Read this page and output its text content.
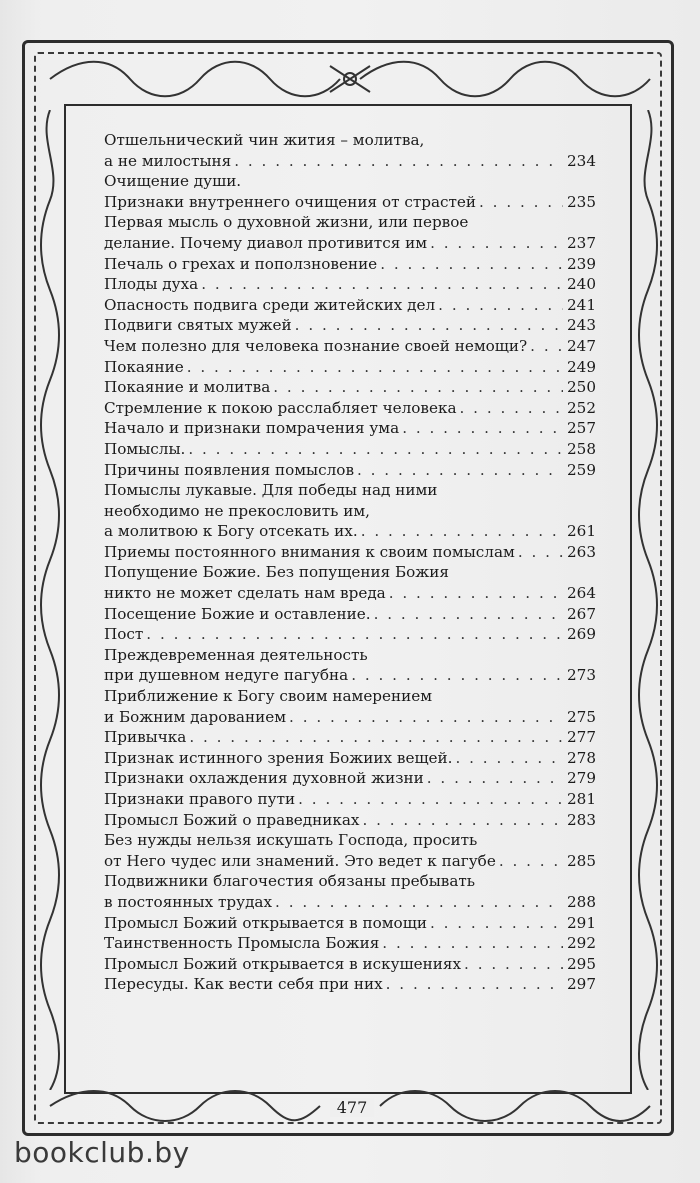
Отшельнический чин жития – молитва,
а не милостыня . . .	234
Очищение души.
Признаки внутреннего очищения от страстей . . .	235
Первая мысль о духовной жизни, или первое
делание. Почему диавол противится им . . .	237
Печаль о грехах и поползновение . . .	239
Плоды духа . . .	240
Опасность подвига среди житейских дел . . .	241
Подвиги святых мужей . . .	243
Чем полезно для человека познание своей немощи? . . .	247
Покаяние . . .	249
Покаяние и молитва . . .	250
Стремление к покою расслабляет человека . . .	252
Начало и признаки помрачения ума . . .	257
Помыслы. . . .	258
Причины появления помыслов . . .	259
Помыслы лукавые. Для победы над ними
необходимо не прекословить им,
а молитвою к Богу отсекать их. . . .	261
Приемы постоянного внимания к своим помыслам . . .	263
Попущение Божие. Без попущения Божия
никто не может сделать нам вреда . . .	264
Посещение Божие и оставление. . . .	267
Пост . . .	269
Преждевременная деятельность
при душевном недуге пагубна . . .	273
Приближение к Богу своим намерением
и Божним дарованием . . .	275
Привычка . . .	277
Признак истинного зрения Божиих вещей. . . .	278
Признаки охлаждения духовной жизни . . .	279
Признаки правого пути . . .	281
Промысл Божий о праведниках . . .	283
Без нужды нельзя искушать Господа, просить
от Него чудес или знамений. Это ведет к пагубе . . .	285
Подвижники благочестия обязаны пребывать
в постоянных трудах . . .	288
Промысл Божий открывается в помощи . . .	291
Таинственность Промысла Божия . . .	292
Промысл Божий открывается в искушениях . . .	295
Пересуды. Как вести себя при них . . .	297
477
bookclub.by
